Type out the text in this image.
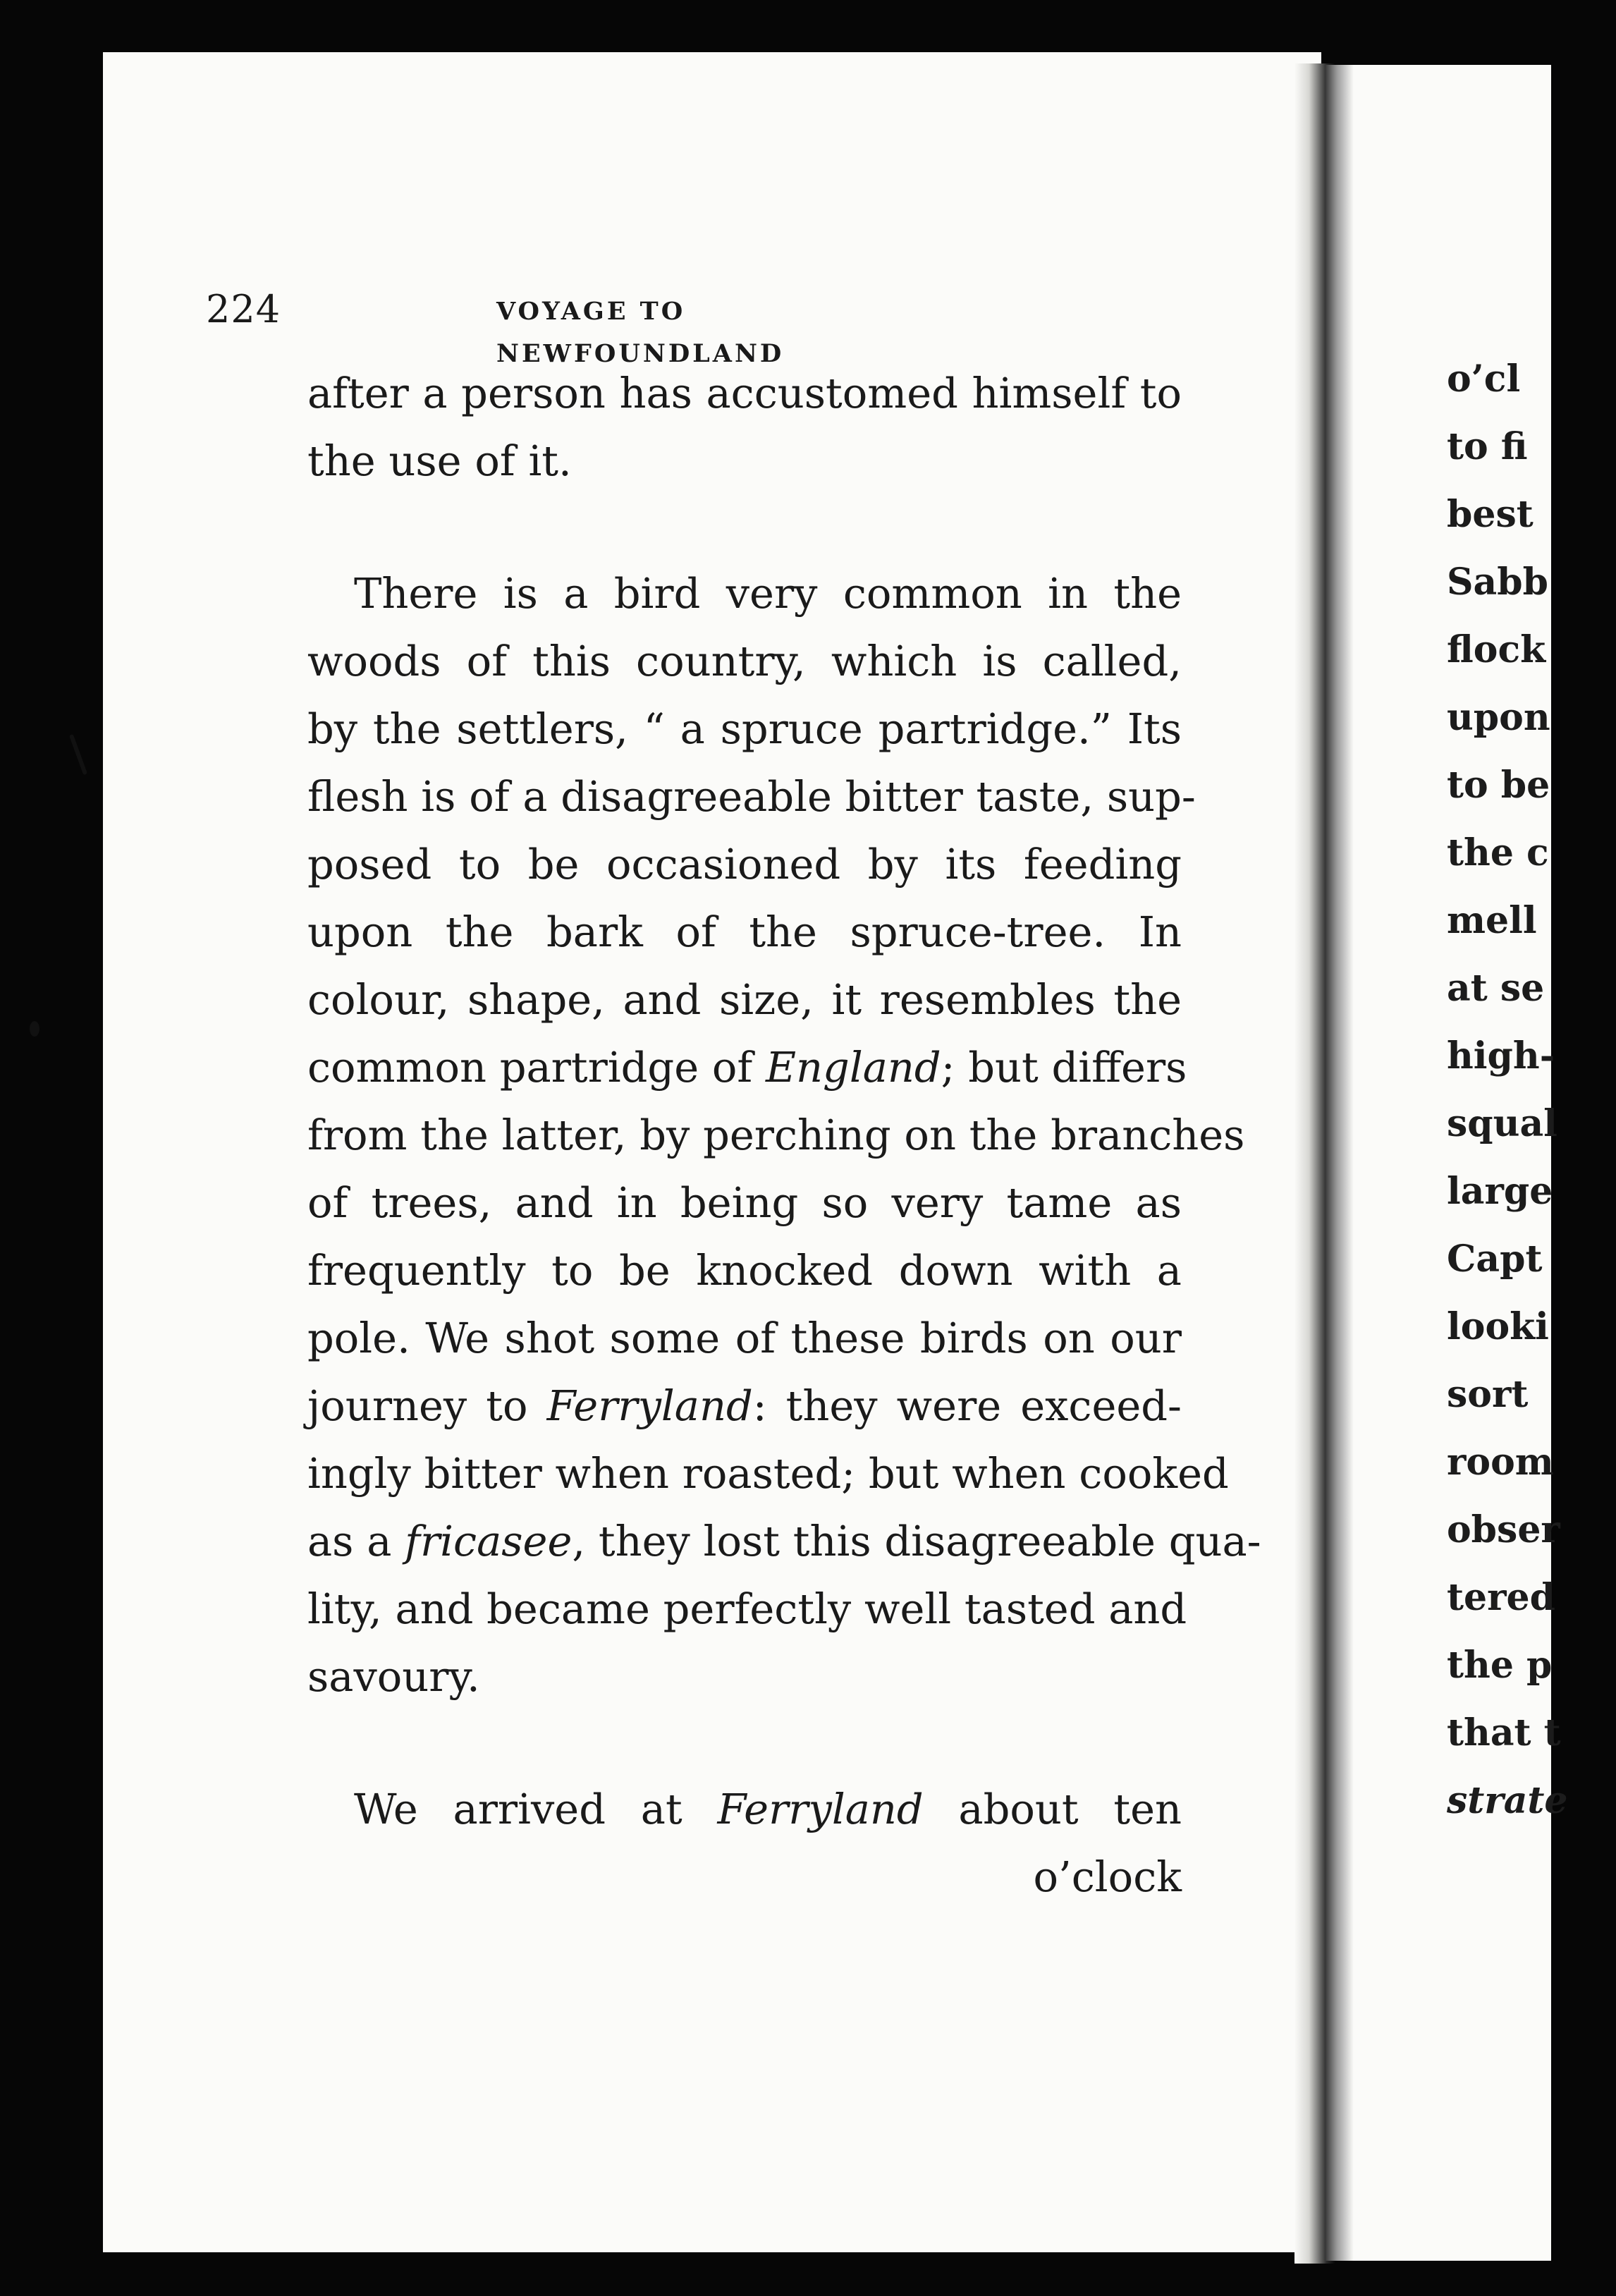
224	VOYAGE TO NEWFOUNDLAND
after a person has accustomed himself to
the use of it.
There is a bird very common in the
woods of this country, which is called,
by the settlers, “ a spruce partridge.” Its
flesh is of a disagreeable bitter taste, sup-
posed to be occasioned by its feeding
upon the bark of the spruce-tree. In
colour, shape, and size, it resembles the
common partridge of England; but differs
from the latter, by perching on the branches
of trees, and in being so very tame as
frequently to be knocked down with a
pole. We shot some of these birds on our
journey to Ferryland: they were exceed-
ingly bitter when roasted; but when cooked
as a fricasee, they lost this disagreeable qua-
lity, and became perfectly well tasted and
savoury.
We arrived at Ferryland about ten
o’clock
o’cl
to fi
best
Sabb
flock
upon
to be
the c
mell
at se
high-
squal
large
Capt
looki
sort
room
obser
tered
the p
that t
strate
